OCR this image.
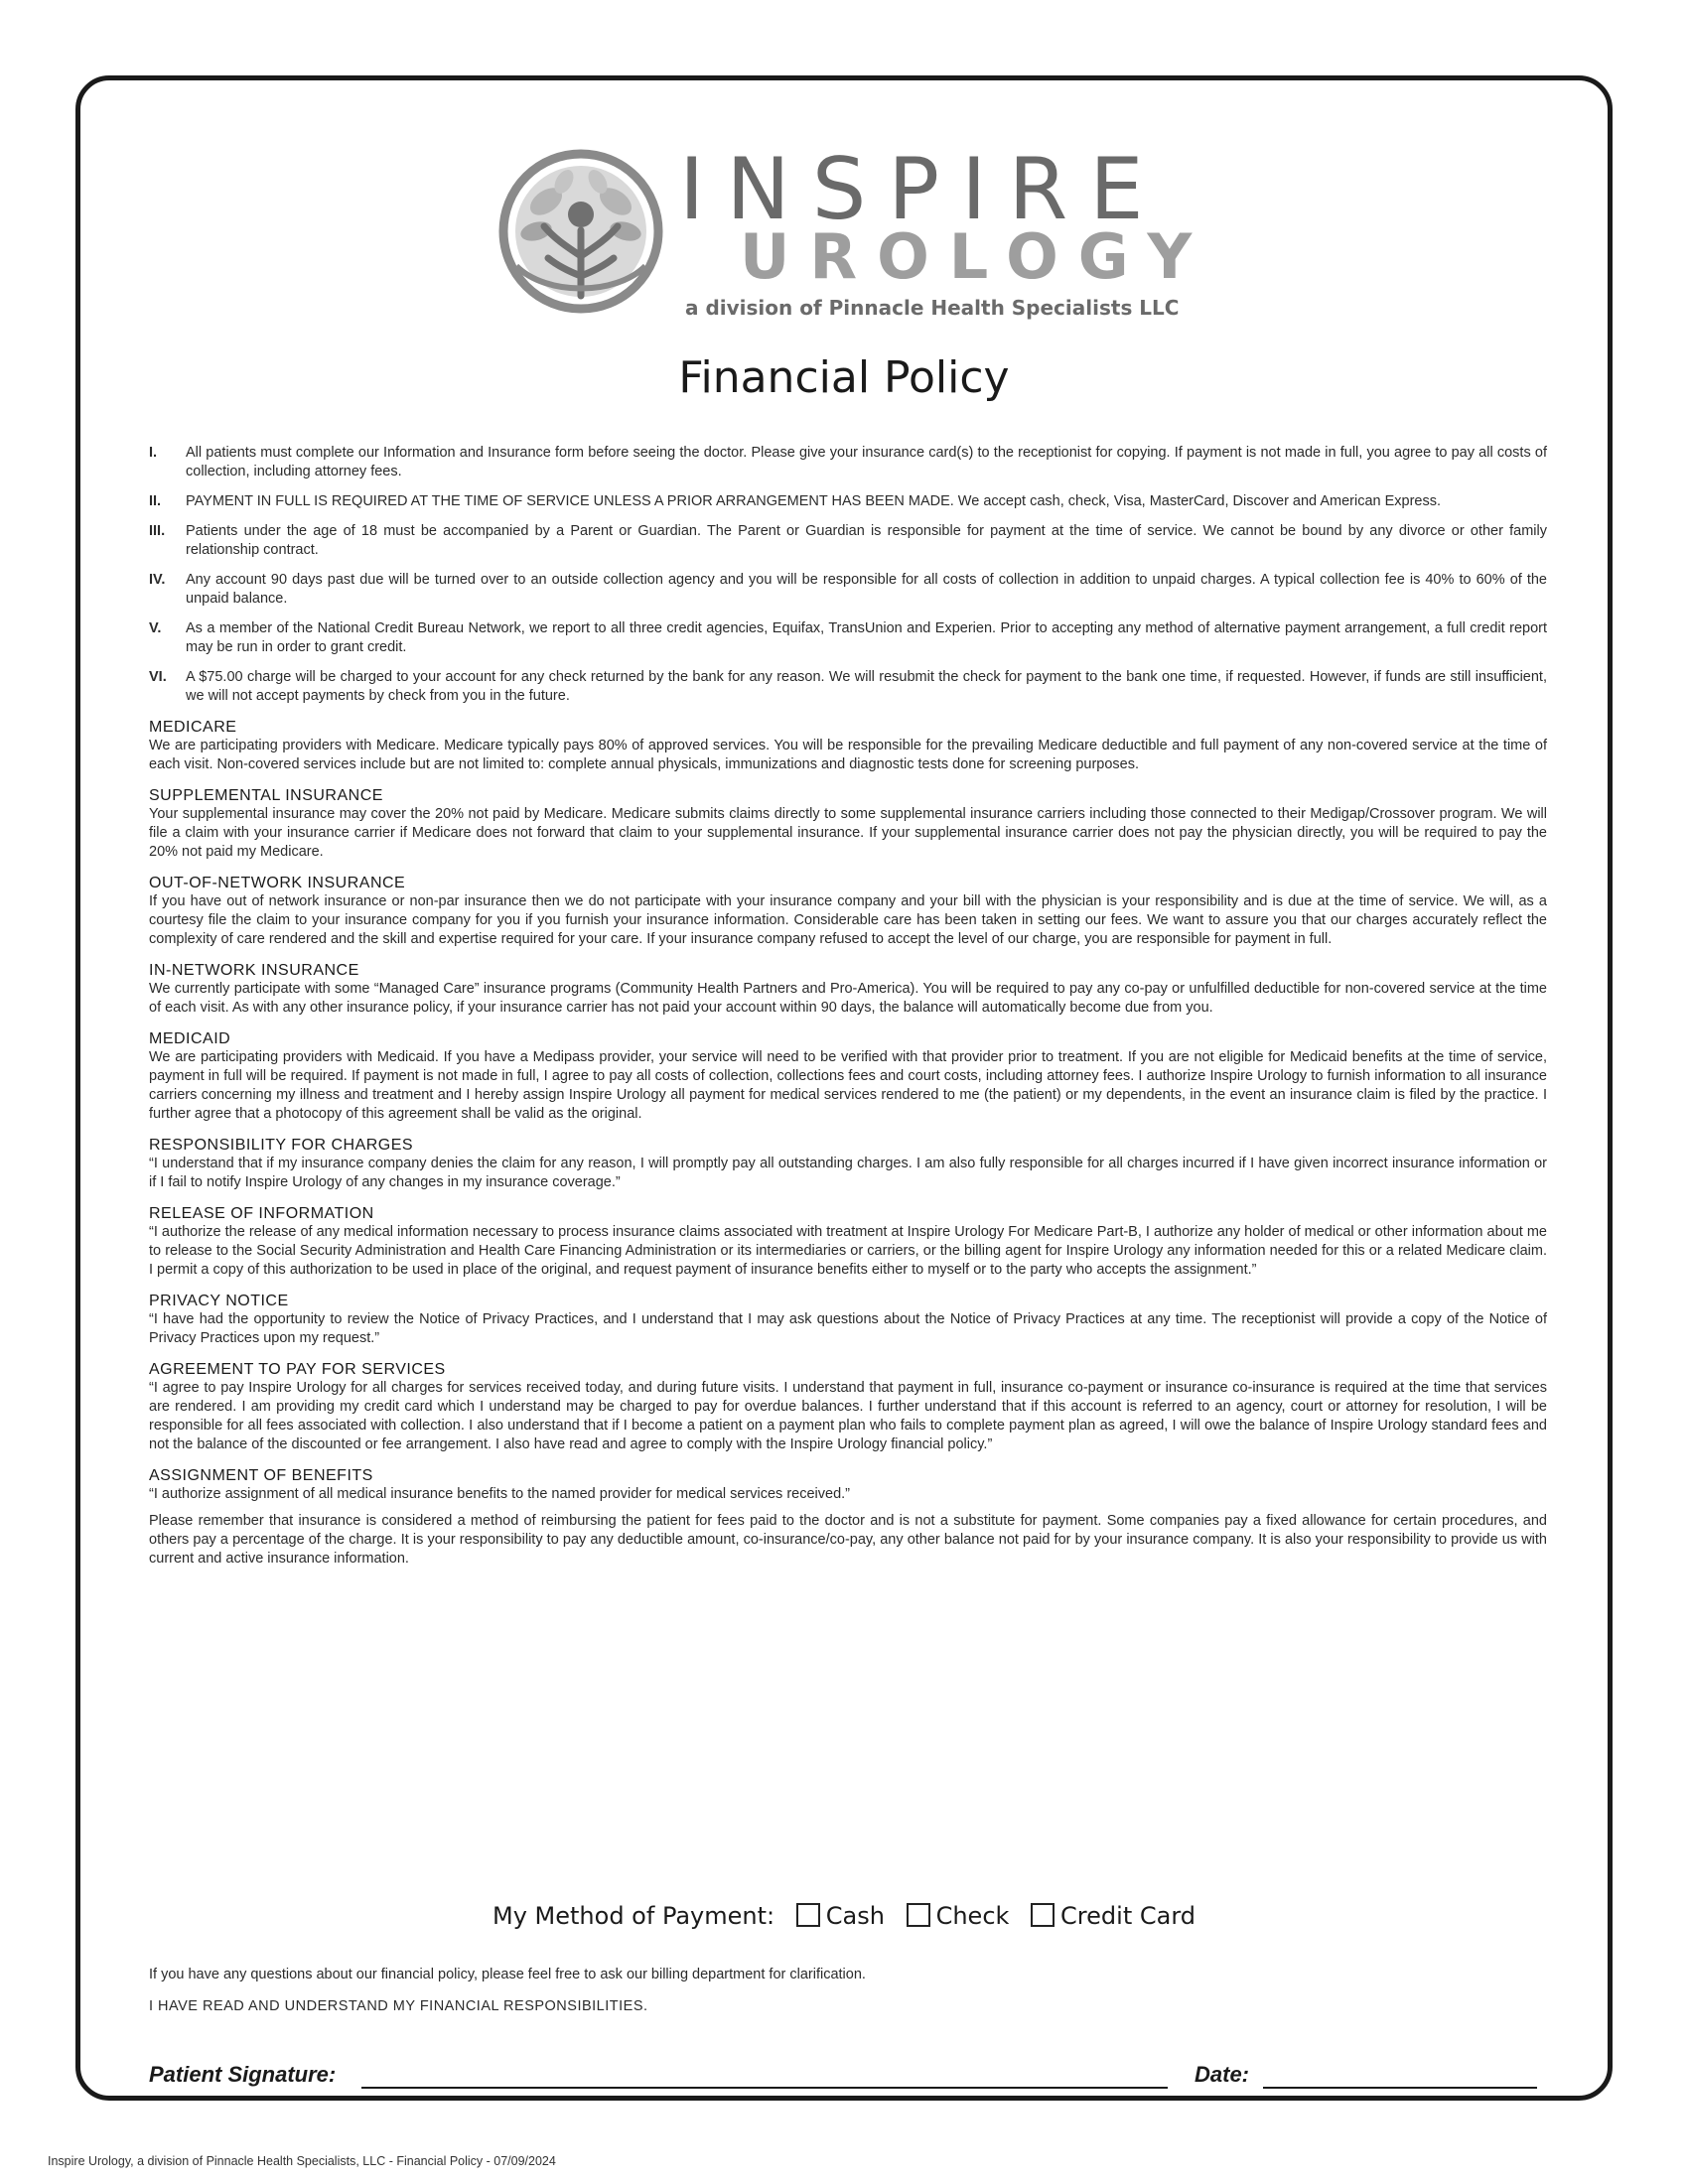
INSPIRE
UROLOGY
a division of Pinnacle Health Specialists LLC
Financial Policy
I.	All patients must complete our Information and Insurance form before seeing the doctor. Please give your insurance card(s) to the receptionist for copying. If payment is not made in full, you agree to pay all costs of collection, including attorney fees.
II.	PAYMENT IN FULL IS REQUIRED AT THE TIME OF SERVICE UNLESS A PRIOR ARRANGEMENT HAS BEEN MADE. We accept cash, check, Visa, MasterCard, Discover and American Express.
III.	Patients under the age of 18 must be accompanied by a Parent or Guardian. The Parent or Guardian is responsible for payment at the time of service. We cannot be bound by any divorce or other family relationship contract.
IV.	Any account 90 days past due will be turned over to an outside collection agency and you will be responsible for all costs of collection in addition to unpaid charges. A typical collection fee is 40% to 60% of the unpaid balance.
V.	As a member of the National Credit Bureau Network, we report to all three credit agencies, Equifax, TransUnion and Experien. Prior to accepting any method of alternative payment arrangement, a full credit report may be run in order to grant credit.
VI.	A $75.00 charge will be charged to your account for any check returned by the bank for any reason. We will resubmit the check for payment to the bank one time, if requested. However, if funds are still insufficient, we will not accept payments by check from you in the future.
MEDICARE
We are participating providers with Medicare. Medicare typically pays 80% of approved services. You will be responsible for the prevailing Medicare deductible and full payment of any non-covered service at the time of each visit. Non-covered services include but are not limited to: complete annual physicals, immunizations and diagnostic tests done for screening purposes.
SUPPLEMENTAL INSURANCE
Your supplemental insurance may cover the 20% not paid by Medicare. Medicare submits claims directly to some supplemental insurance carriers including those connected to their Medigap/Crossover program. We will file a claim with your insurance carrier if Medicare does not forward that claim to your supplemental insurance. If your supplemental insurance carrier does not pay the physician directly, you will be required to pay the 20% not paid my Medicare.
OUT-OF-NETWORK INSURANCE
If you have out of network insurance or non-par insurance then we do not participate with your insurance company and your bill with the physician is your responsibility and is due at the time of service. We will, as a courtesy file the claim to your insurance company for you if you furnish your insurance information. Considerable care has been taken in setting our fees. We want to assure you that our charges accurately reflect the complexity of care rendered and the skill and expertise required for your care. If your insurance company refused to accept the level of our charge, you are responsible for payment in full.
IN-NETWORK INSURANCE
We currently participate with some “Managed Care” insurance programs (Community Health Partners and Pro-America). You will be required to pay any co-pay or unfulfilled deductible for non-covered service at the time of each visit. As with any other insurance policy, if your insurance carrier has not paid your account within 90 days, the balance will automatically become due from you.
MEDICAID
We are participating providers with Medicaid. If you have a Medipass provider, your service will need to be verified with that provider prior to treatment. If you are not eligible for Medicaid benefits at the time of service, payment in full will be required. If payment is not made in full, I agree to pay all costs of collection, collections fees and court costs, including attorney fees. I authorize Inspire Urology to furnish information to all insurance carriers concerning my illness and treatment and I hereby assign Inspire Urology all payment for medical services rendered to me (the patient) or my dependents, in the event an insurance claim is filed by the practice. I further agree that a photocopy of this agreement shall be valid as the original.
RESPONSIBILITY FOR CHARGES
“I understand that if my insurance company denies the claim for any reason, I will promptly pay all outstanding charges. I am also fully responsible for all charges incurred if I have given incorrect insurance information or if I fail to notify Inspire Urology of any changes in my insurance coverage.”
RELEASE OF INFORMATION
“I authorize the release of any medical information necessary to process insurance claims associated with treatment at Inspire Urology For Medicare Part-B, I authorize any holder of medical or other information about me to release to the Social Security Administration and Health Care Financing Administration or its intermediaries or carriers, or the billing agent for Inspire Urology any information needed for this or a related Medicare claim. I permit a copy of this authorization to be used in place of the original, and request payment of insurance benefits either to myself or to the party who accepts the assignment.”
PRIVACY NOTICE
“I have had the opportunity to review the Notice of Privacy Practices, and I understand that I may ask questions about the Notice of Privacy Practices at any time. The receptionist will provide a copy of the Notice of Privacy Practices upon my request.”
AGREEMENT TO PAY FOR SERVICES
“I agree to pay Inspire Urology for all charges for services received today, and during future visits. I understand that payment in full, insurance co-payment or insurance co-insurance is required at the time that services are rendered. I am providing my credit card which I understand may be charged to pay for overdue balances. I further understand that if this account is referred to an agency, court or attorney for resolution, I will be responsible for all fees associated with collection. I also understand that if I become a patient on a payment plan who fails to complete payment plan as agreed, I will owe the balance of Inspire Urology standard fees and not the balance of the discounted or fee arrangement. I also have read and agree to comply with the Inspire Urology financial policy.”
ASSIGNMENT OF BENEFITS
“I authorize assignment of all medical insurance benefits to the named provider for medical services received.”
Please remember that insurance is considered a method of reimbursing the patient for fees paid to the doctor and is not a substitute for payment. Some companies pay a fixed allowance for certain procedures, and others pay a percentage of the charge. It is your responsibility to pay any deductible amount, co-insurance/co-pay, any other balance not paid for by your insurance company. It is also your responsibility to provide us with current and active insurance information.
My Method of Payment: Cash Check Credit Card
If you have any questions about our financial policy, please feel free to ask our billing department for clarification.
I HAVE READ AND UNDERSTAND MY FINANCIAL RESPONSIBILITIES.
Patient Signature:	Date:
Inspire Urology, a division of Pinnacle Health Specialists, LLC - Financial Policy - 07/09/2024
